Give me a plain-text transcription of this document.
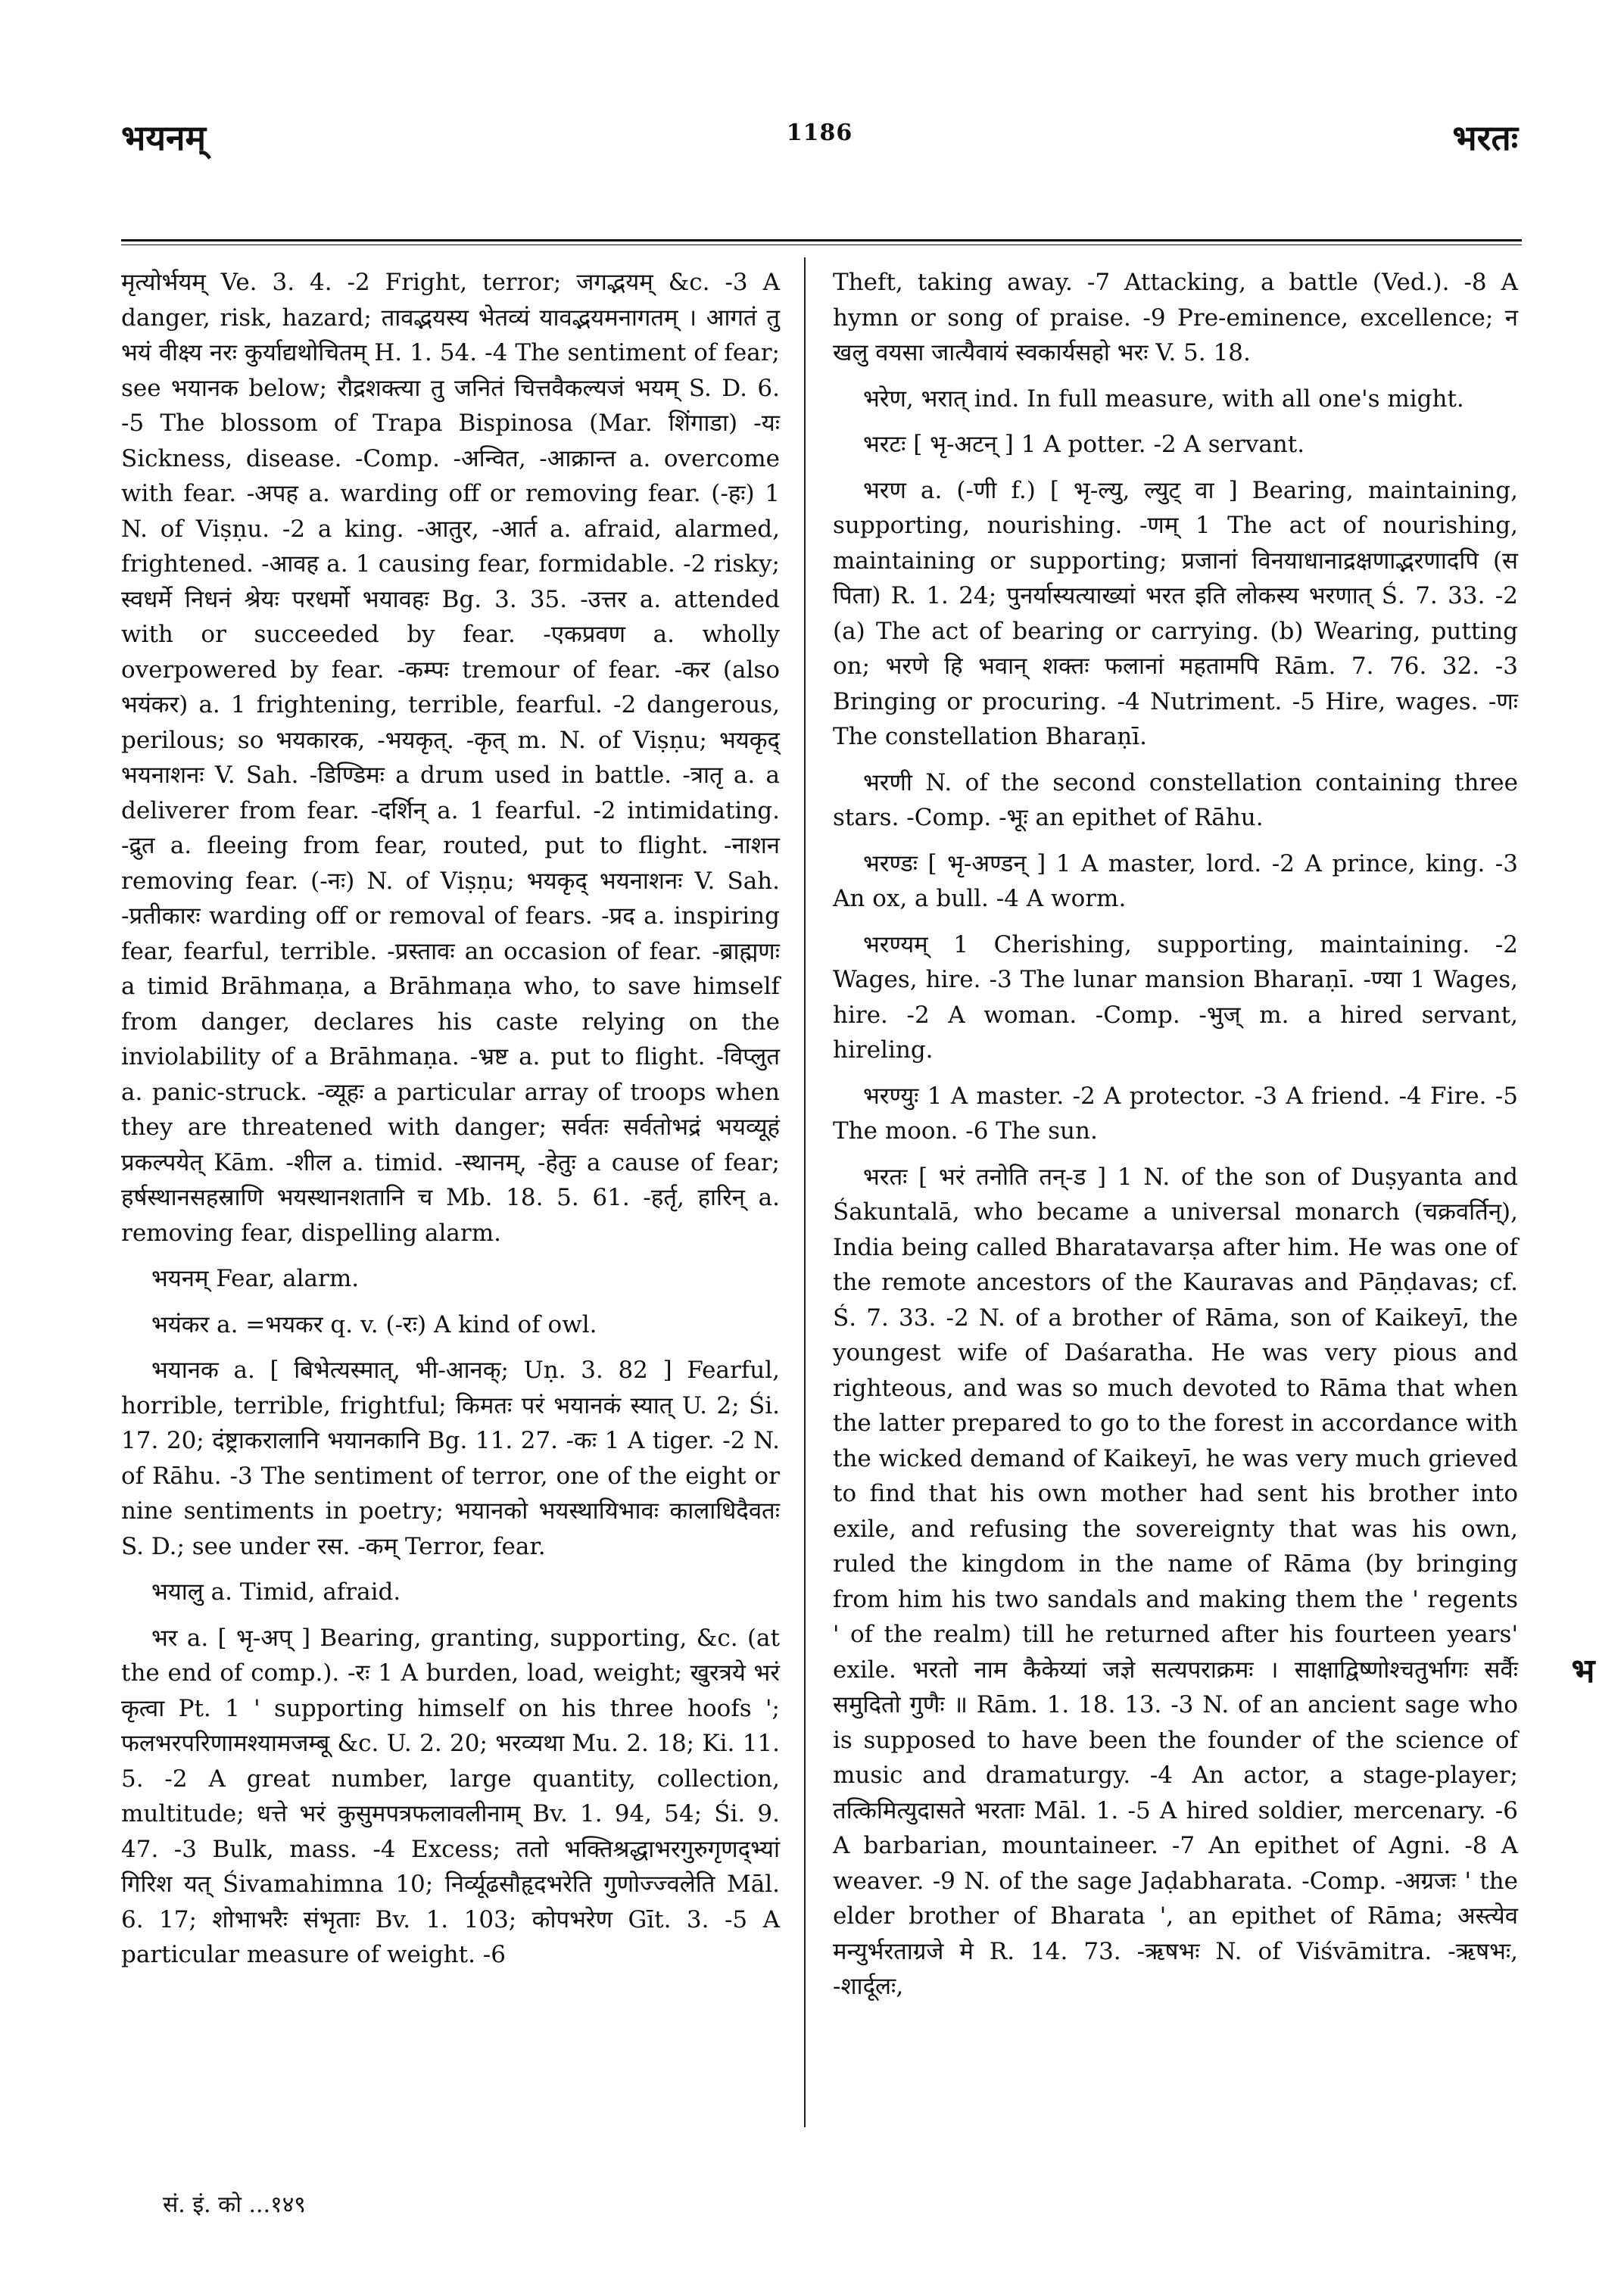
भयनम्	1186	भरतः

मृत्योर्भयम् Ve. 3. 4. -2 Fright, terror; जगद्भयम् &c. -3 A danger, risk, hazard; तावद्भयस्य भेतव्यं यावद्भयमनागतम् । आगतं तु भयं वीक्ष्य नरः कुर्याद्यथोचितम् H. 1. 54. -4 The sentiment of fear; see भयानक below; रौद्रशक्त्या तु जनितं चित्तवैकल्यजं भयम् S. D. 6. -5 The blossom of Trapa Bispinosa (Mar. शिंगाडा) -यः Sickness, disease. -Comp. -अन्वित, -आक्रान्त a. overcome with fear. -अपह a. warding off or removing fear. (-हः) 1 N. of Viṣṇu. -2 a king. -आतुर, -आर्त a. afraid, alarmed, frightened. -आवह a. 1 causing fear, formidable. -2 risky; स्वधर्मे निधनं श्रेयः परधर्मो भयावहः Bg. 3. 35. -उत्तर a. attended with or succeeded by fear. -एकप्रवण a. wholly overpowered by fear. -कम्पः tremour of fear. -कर (also भयंकर) a. 1 frightening, terrible, fearful. -2 dangerous, perilous; so भयकारक, -भयकृत्. -कृत् m. N. of Viṣṇu; भयकृद् भयनाशनः V. Sah. -डिण्डिमः a drum used in battle. -त्रातृ a. a deliverer from fear. -दर्शिन् a. 1 fearful. -2 intimidating. -द्रुत a. fleeing from fear, routed, put to flight. -नाशन removing fear. (-नः) N. of Viṣṇu; भयकृद् भयनाशनः V. Sah. -प्रतीकारः warding off or removal of fears. -प्रद a. inspiring fear, fearful, terrible. -प्रस्तावः an occasion of fear. -ब्राह्मणः a timid Brāhmaṇa, a Brāhmaṇa who, to save himself from danger, declares his caste relying on the inviolability of a Brāhmaṇa. -भ्रष्ट a. put to flight. -विप्लुत a. panic-struck. -व्यूहः a particular array of troops when they are threatened with danger; सर्वतः सर्वतोभद्रं भयव्यूहं प्रकल्पयेत् Kām. -शील a. timid. -स्थानम्, -हेतुः a cause of fear; हर्षस्थानसहस्राणि भयस्थानशतानि च Mb. 18. 5. 61. -हर्तृ, हारिन् a. removing fear, dispelling alarm.

भयनम् Fear, alarm.

भयंकर a. =भयकर q. v. (-रः) A kind of owl.

भयानक a. [ बिभेत्यस्मात्, भी-आनक्; Uṇ. 3. 82 ] Fearful, horrible, terrible, frightful; किमतः परं भयानकं स्यात् U. 2; Śi. 17. 20; दंष्ट्राकरालानि भयानकानि Bg. 11. 27. -कः 1 A tiger. -2 N. of Rāhu. -3 The sentiment of terror, one of the eight or nine sentiments in poetry; भयानको भयस्थायिभावः कालाधिदैवतः S. D.; see under रस. -कम् Terror, fear.

भयालु a. Timid, afraid.

भर a. [ भृ-अप् ] Bearing, granting, supporting, &c. (at the end of comp.). -रः 1 A burden, load, weight; खुरत्रये भरं कृत्वा Pt. 1 ' supporting himself on his three hoofs '; फलभरपरिणामश्यामजम्बू &c. U. 2. 20; भरव्यथा Mu. 2. 18; Ki. 11. 5. -2 A great number, large quantity, collection, multitude; धत्ते भरं कुसुमपत्रफलावलीनाम् Bv. 1. 94, 54; Śi. 9. 47. -3 Bulk, mass. -4 Excess; ततो भक्तिश्रद्धाभरगुरुगृणद्भ्यां गिरिश यत् Śivamahimna 10; निर्व्यूढसौहृदभरेति गुणोज्ज्वलेति Māl. 6. 17; शोभाभरैः संभृताः Bv. 1. 103; कोपभरेण Gīt. 3. -5 A particular measure of weight. -6

Theft, taking away. -7 Attacking, a battle (Ved.). -8 A hymn or song of praise. -9 Pre-eminence, excellence; न खलु वयसा जात्यैवायं स्वकार्यसहो भरः V. 5. 18.

भरेण, भरात् ind. In full measure, with all one's might.

भरटः [ भृ-अटन् ] 1 A potter. -2 A servant.

भरण a. (-णी f.) [ भृ-ल्यु, ल्युट् वा ] Bearing, maintaining, supporting, nourishing. -णम् 1 The act of nourishing, maintaining or supporting; प्रजानां विनयाधानाद्रक्षणाद्भरणादपि (स पिता) R. 1. 24; पुनर्यास्यत्याख्यां भरत इति लोकस्य भरणात् Ś. 7. 33. -2 (a) The act of bearing or carrying. (b) Wearing, putting on; भरणे हि भवान् शक्तः फलानां महतामपि Rām. 7. 76. 32. -3 Bringing or procuring. -4 Nutriment. -5 Hire, wages. -णः The constellation Bharaṇī.

भरणी N. of the second constellation containing three stars. -Comp. -भूः an epithet of Rāhu.

भरण्डः [ भृ-अण्डन् ] 1 A master, lord. -2 A prince, king. -3 An ox, a bull. -4 A worm.

भरण्यम् 1 Cherishing, supporting, maintaining. -2 Wages, hire. -3 The lunar mansion Bharaṇī. -ण्या 1 Wages, hire. -2 A woman. -Comp. -भुज् m. a hired servant, hireling.

भरण्युः 1 A master. -2 A protector. -3 A friend. -4 Fire. -5 The moon. -6 The sun.

भरतः [ भरं तनोति तन्-ड ] 1 N. of the son of Duṣyanta and Śakuntalā, who became a universal monarch (चक्रवर्तिन्), India being called Bharatavarṣa after him. He was one of the remote ancestors of the Kauravas and Pāṇḍavas; cf. Ś. 7. 33. -2 N. of a brother of Rāma, son of Kaikeyī, the youngest wife of Daśaratha. He was very pious and righteous, and was so much devoted to Rāma that when the latter prepared to go to the forest in accordance with the wicked demand of Kaikeyī, he was very much grieved to find that his own mother had sent his brother into exile, and refusing the sovereignty that was his own, ruled the kingdom in the name of Rāma (by bringing from him his two sandals and making them the ' regents ' of the realm) till he returned after his fourteen years' exile. भरतो नाम कैकेय्यां जज्ञे सत्यपराक्रमः । साक्षाद्विष्णोश्चतुर्भागः सर्वैः समुदितो गुणैः ॥ Rām. 1. 18. 13. -3 N. of an ancient sage who is supposed to have been the founder of the science of music and dramaturgy. -4 An actor, a stage-player; तत्किमित्युदासते भरताः Māl. 1. -5 A hired soldier, mercenary. -6 A barbarian, mountaineer. -7 An epithet of Agni. -8 A weaver. -9 N. of the sage Jaḍabharata. -Comp. -अग्रजः ' the elder brother of Bharata ', an epithet of Rāma; अस्त्येव मन्युर्भरताग्रजे मे R. 14. 73. -ऋषभः N. of Viśvāmitra. -ऋषभः, -शार्दूलः,

भ
सं. इं. को ...१४९
